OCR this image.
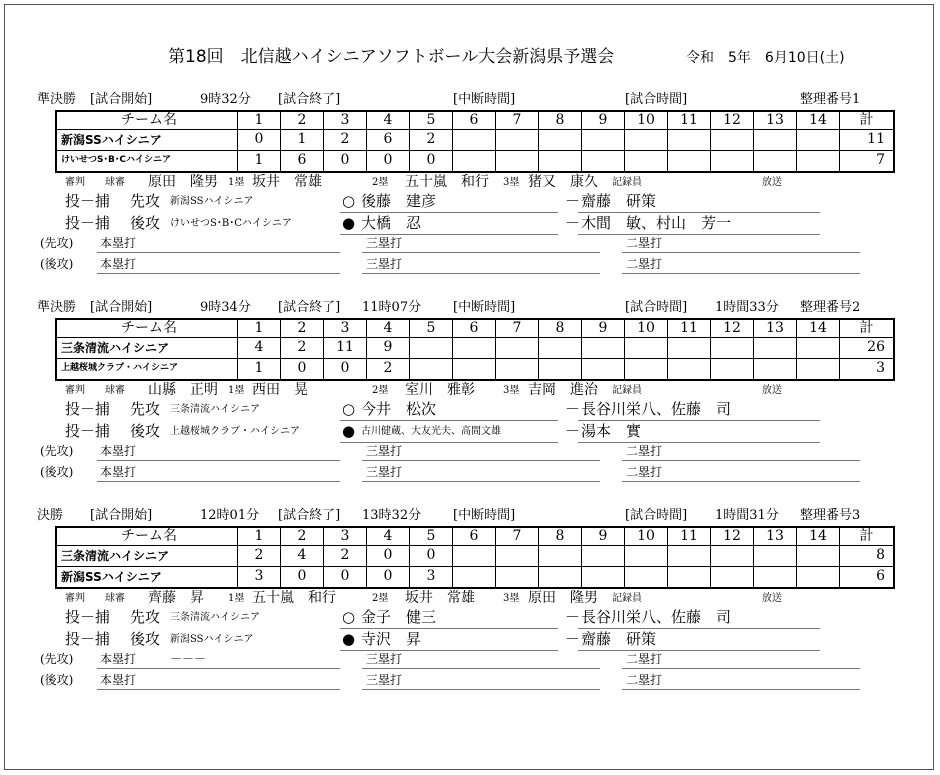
第18回　北信越ハイシニアソフトボール大会新潟県予選会	令和　5年　6月10日(土)
準決勝 [試合開始]	9時32分 [試合終了]	[中断時間]	[試合時間]	整理番号1
チーム名	1	2	3	4	5	6	7	8	9	10	11	12	13	14	計
新潟SSハイシニア	0	1	2	6	2										11
けいせつS･B･Cハイシニア	1	6	0	0	0										7
審判 球審 原田　隆男 1塁 坂井　常雄	2塁 五十嵐　和行 3塁 猪又　康久 記録員	放送
投－捕 先攻 新潟SSハイシニア	○ 後藤　建彦	－ 齋藤　研策
投－捕 後攻 けいせつS･B･Cハイシニア	● 大橋　忍	－ 木間　敏、村山　芳一
(先攻) 本塁打	三塁打	二塁打
(後攻) 本塁打	三塁打	二塁打
準決勝 [試合開始]	9時34分 [試合終了] 11時07分 [中断時間]	[試合時間] 1時間33分 整理番号2
チーム名	1	2	3	4	5	6	7	8	9	10	11	12	13	14	計
三条清流ハイシニア	4	2	11	9											26
上越桜城クラブ・ハイシニア	1	0	0	2											3
審判 球審 山縣　正明 1塁 西田　晃	2塁 室川　雅彰	3塁 吉岡　進治 記録員	放送
投－捕 先攻 三条清流ハイシニア	○ 今井　松次	－ 長谷川栄八、佐藤　司
投－捕 後攻 上越桜城クラブ・ハイシニア	● 古川健蔵、大友光夫、高間文雄	－ 湯本　實
(先攻) 本塁打	三塁打	二塁打
(後攻) 本塁打	三塁打	二塁打
決勝 [試合開始]	12時01分 [試合終了] 13時32分 [中断時間]	[試合時間] 1時間31分 整理番号3
チーム名	1	2	3	4	5	6	7	8	9	10	11	12	13	14	計
三条清流ハイシニア	2	4	2	0	0										8
新潟SSハイシニア	3	0	0	0	3										6
審判 球審 齊藤　昇 1塁 五十嵐　和行	2塁 坂井　常雄	3塁 原田　隆男 記録員	放送
投－捕 先攻 三条清流ハイシニア	○ 金子　健三	－ 長谷川栄八、佐藤　司
投－捕 後攻 新潟SSハイシニア	● 寺沢　昇	－ 齋藤　研策
(先攻) 本塁打	－－－	三塁打	二塁打
(後攻) 本塁打	三塁打	二塁打
